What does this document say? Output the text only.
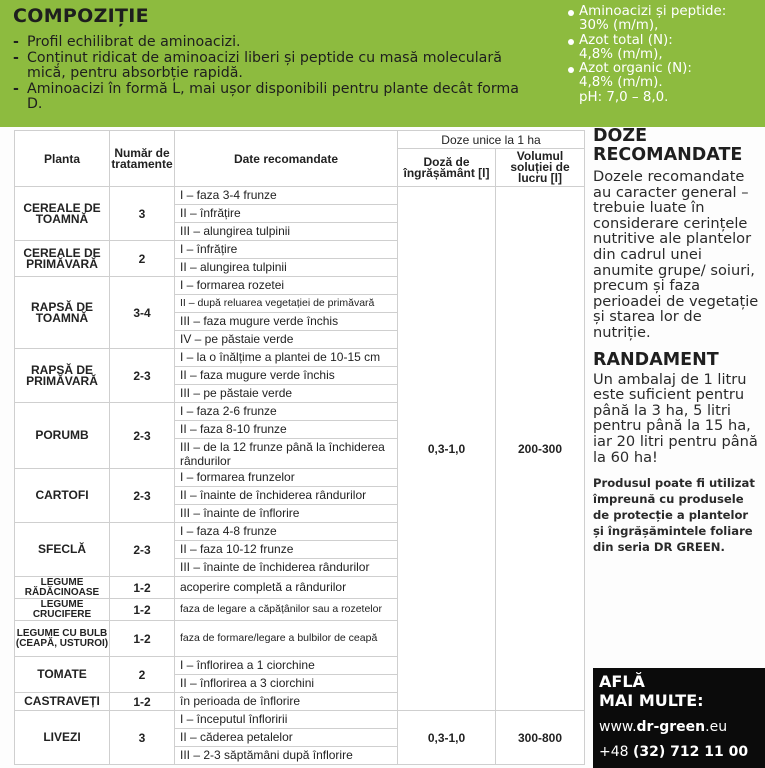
COMPOZIȚIE
- Profil echilibrat de aminoacizi.
- Conținut ridicat de aminoacizi liberi și peptide cu masă moleculară mică, pentru absorbție rapidă.
- Aminoacizi în formă L, mai ușor disponibili pentru plante decât forma D.
Aminoacizi și peptide:
30% (m/m),
Azot total (N):
4,8% (m/m),
Azot organic (N):
4,8% (m/m).
pH: 7,0 – 8,0.
Planta	Număr de tratamente	Date recomandate	Doze unice la 1 ha	
			Doză de îngrășământ [l]	Volumul soluției de lucru [l]
CEREALE DE TOAMNĂ	3	I – faza 3-4 frunze	0,3-1,0	200-300
		II – înfrățire		
		III – alungirea tulpinii		
CEREALE DE PRIMĂVARĂ	2	I – înfrățire		
		II – alungirea tulpinii		
RAPSĂ DE TOAMNĂ	3-4	I – formarea rozetei		
		II – după reluarea vegetației de primăvară		
		III – faza mugure verde închis		
		IV – pe păstaie verde		
RAPSĂ DE PRIMĂVARĂ	2-3	I – la o înălțime a plantei de 10-15 cm		
		II – faza mugure verde închis		
		III – pe păstaie verde		
PORUMB	2-3	I – faza 2-6 frunze		
		II – faza 8-10 frunze		
		III – de la 12 frunze până la închiderea rândurilor		
CARTOFI	2-3	I – formarea frunzelor		
		II – înainte de închiderea rândurilor		
		III – înainte de înflorire		
SFECLĂ	2-3	I – faza 4-8 frunze		
		II – faza 10-12 frunze		
		III – înainte de închiderea rândurilor		
LEGUME RĂDĂCINOASE	1-2	acoperire completă a rândurilor		
LEGUME CRUCIFERE	1-2	faza de legare a căpățânilor sau a rozetelor		
LEGUME CU BULB (CEAPĂ, USTUROI)	1-2	faza de formare/legare a bulbilor de ceapă		
TOMATE	2	I – înflorirea a 1 ciorchine		
		II – înflorirea a 3 ciorchini		
CASTRAVEȚI	1-2	în perioada de înflorire		
LIVEZI	3	I – începutul înfloririi	0,3-1,0	300-800
		II – căderea petalelor		
		III – 2-3 săptămâni după înflorire		
DOZE RECOMANDATE
Dozele recomandate au caracter general – trebuie luate în considerare cerințele nutritive ale plantelor din cadrul unei anumite grupe/ soiuri, precum și faza perioadei de vegetație și starea lor de nutriție.
RANDAMENT
Un ambalaj de 1 litru este suficient pentru până la 3 ha, 5 litri pentru până la 15 ha, iar 20 litri pentru până la 60 ha!
Produsul poate fi utilizat împreună cu produsele de protecție a plantelor și îngrășămintele foliare din seria DR GREEN.
AFLĂ
MAI MULTE:
www.dr-green.eu
+48 (32) 712 11 00
